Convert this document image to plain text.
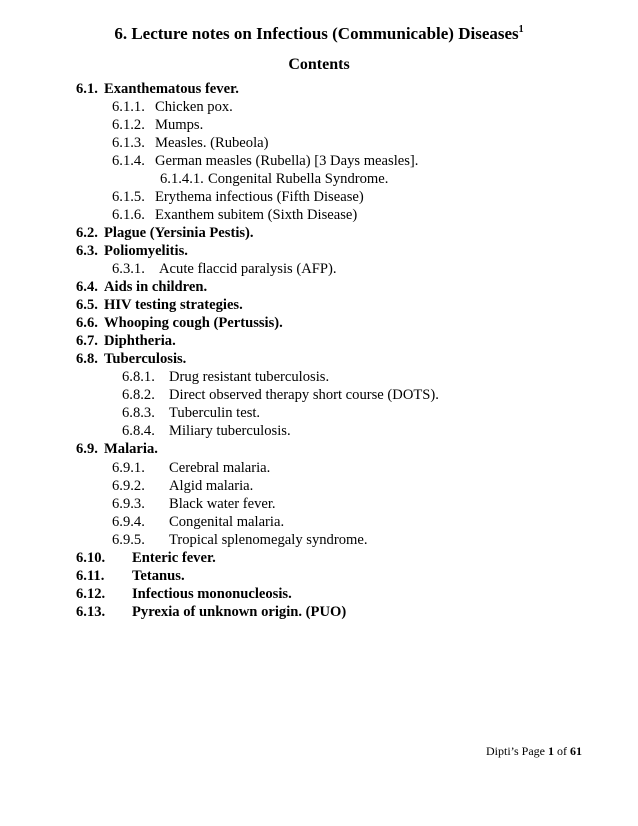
6. Lecture notes on Infectious (Communicable) Diseases$^1$
Contents
6.1. Exanthematous fever.
6.1.1. Chicken pox.
6.1.2. Mumps.
6.1.3. Measles. (Rubeola)
6.1.4. German measles (Rubella) [3 Days measles].
6.1.4.1. Congenital Rubella Syndrome.
6.1.5. Erythema infectious (Fifth Disease)
6.1.6. Exanthem subitem (Sixth Disease)
6.2. Plague (Yersinia Pestis).
6.3. Poliomyelitis.
6.3.1. Acute flaccid paralysis (AFP).
6.4. Aids in children.
6.5. HIV testing strategies.
6.6. Whooping cough (Pertussis).
6.7. Diphtheria.
6.8. Tuberculosis.
6.8.1. Drug resistant tuberculosis.
6.8.2. Direct observed therapy short course (DOTS).
6.8.3. Tuberculin test.
6.8.4. Miliary tuberculosis.
6.9. Malaria.
6.9.1. Cerebral malaria.
6.9.2. Algid malaria.
6.9.3. Black water fever.
6.9.4. Congenital malaria.
6.9.5. Tropical splenomegaly syndrome.
6.10. Enteric fever.
6.11. Tetanus.
6.12. Infectious mononucleosis.
6.13. Pyrexia of unknown origin. (PUO)
Dipti’s Page 1 of 61
